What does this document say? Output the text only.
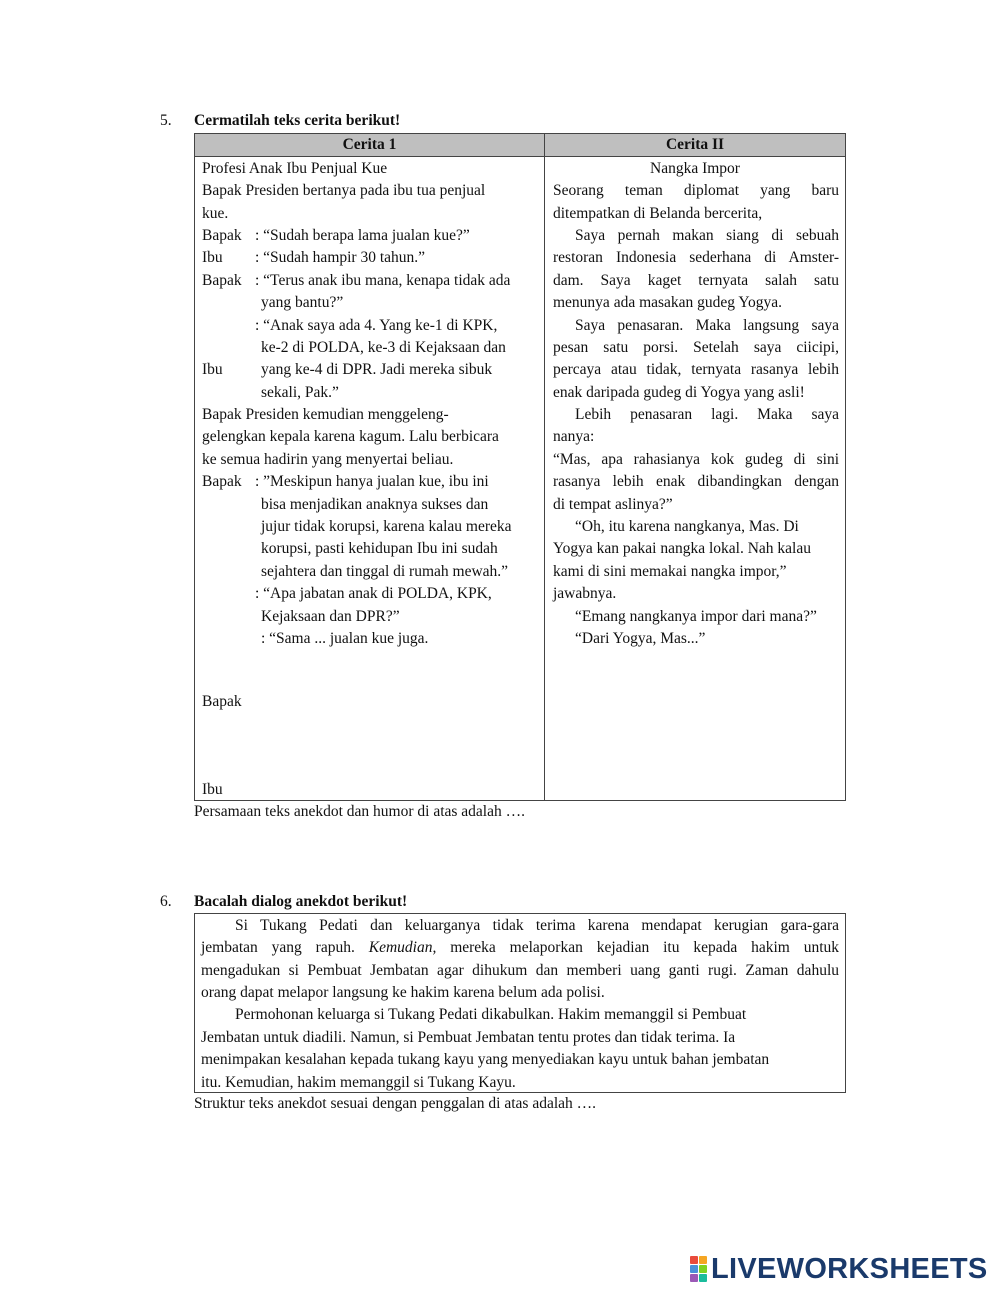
5. Cermatilah teks cerita berikut!
Cerita 1	Cerita II
Profesi Anak Ibu Penjual Kue
Bapak Presiden bertanya pada ibu tua penjual
kue.
Bapak : “Sudah berapa lama jualan kue?”
Ibu : “Sudah hampir 30 tahun.”
Bapak : “Terus anak ibu mana, kenapa tidak ada
yang bantu?”
: “Anak saya ada 4. Yang ke-1 di KPK,
ke-2 di POLDA, ke-3 di Kejaksaan dan
Ibu yang ke-4 di DPR. Jadi mereka sibuk
sekali, Pak.”
Bapak Presiden kemudian menggeleng-
gelengkan kepala karena kagum. Lalu berbicara
ke semua hadirin yang menyertai beliau.
Bapak : ”Meskipun hanya jualan kue, ibu ini
bisa menjadikan anaknya sukses dan
jujur tidak korupsi, karena kalau mereka
korupsi, pasti kehidupan Ibu ini sudah
sejahtera dan tinggal di rumah mewah.”
: “Apa jabatan anak di POLDA, KPK,
Kejaksaan dan DPR?”
: “Sama ... jualan kue juga.
Bapak
Ibu
Nangka Impor
Seorang teman diplomat yang baru
ditempatkan di Belanda bercerita,
Saya pernah makan siang di sebuah
restoran Indonesia sederhana di Amster-
dam. Saya kaget ternyata salah satu
menunya ada masakan gudeg Yogya.
Saya penasaran. Maka langsung saya
pesan satu porsi. Setelah saya ciicipi,
percaya atau tidak, ternyata rasanya lebih
enak daripada gudeg di Yogya yang asli!
Lebih penasaran lagi. Maka saya
nanya:
“Mas, apa rahasianya kok gudeg di sini
rasanya lebih enak dibandingkan dengan
di tempat aslinya?”
“Oh, itu karena nangkanya, Mas. Di
Yogya kan pakai nangka lokal. Nah kalau
kami di sini memakai nangka impor,”
jawabnya.
“Emang nangkanya impor dari mana?”
“Dari Yogya, Mas...”
Persamaan teks anekdot dan humor di atas adalah ….
6. Bacalah dialog anekdot berikut!
Si Tukang Pedati dan keluarganya tidak terima karena mendapat kerugian gara-gara
jembatan yang rapuh. Kemudian, mereka melaporkan kejadian itu kepada hakim untuk
mengadukan si Pembuat Jembatan agar dihukum dan memberi uang ganti rugi. Zaman dahulu
orang dapat melapor langsung ke hakim karena belum ada polisi.
Permohonan keluarga si Tukang Pedati dikabulkan. Hakim memanggil si Pembuat
Jembatan untuk diadili. Namun, si Pembuat Jembatan tentu protes dan tidak terima. Ia
menimpakan kesalahan kepada tukang kayu yang menyediakan kayu untuk bahan jembatan
itu. Kemudian, hakim memanggil si Tukang Kayu.
Struktur teks anekdot sesuai dengan penggalan di atas adalah ….
LIVEWORKSHEETS
